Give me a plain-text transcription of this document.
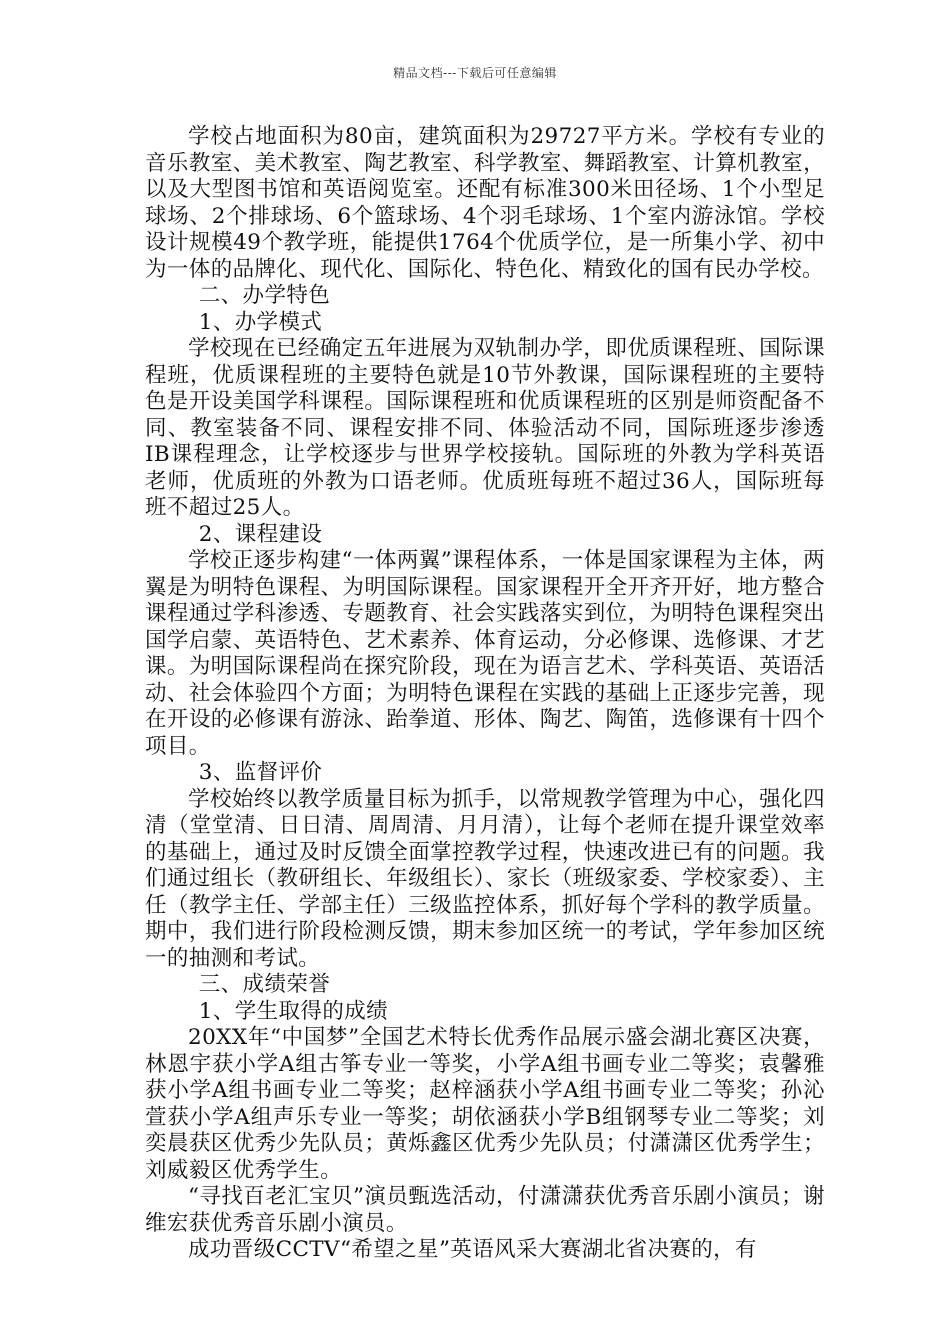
精品文档---下载后可任意编辑

学校占地面积为80亩，建筑面积为29727平方米。学校有专业的音乐教室、美术教室、陶艺教室、科学教室、舞蹈教室、计算机教室，以及大型图书馆和英语阅览室。还配有标准300米田径场、1个小型足球场、2个排球场、6个篮球场、4个羽毛球场、1个室内游泳馆。学校设计规模49个教学班，能提供1764个优质学位，是一所集小学、初中为一体的品牌化、现代化、国际化、特色化、精致化的国有民办学校。

二、办学特色

1、办学模式

学校现在已经确定五年进展为双轨制办学，即优质课程班、国际课程班，优质课程班的主要特色就是10节外教课，国际课程班的主要特色是开设美国学科课程。国际课程班和优质课程班的区别是师资配备不同、教室装备不同、课程安排不同、体验活动不同，国际班逐步渗透IB课程理念，让学校逐步与世界学校接轨。国际班的外教为学科英语老师，优质班的外教为口语老师。优质班每班不超过36人，国际班每班不超过25人。

2、课程建设

学校正逐步构建“一体两翼”课程体系，一体是国家课程为主体，两翼是为明特色课程、为明国际课程。国家课程开全开齐开好，地方整合课程通过学科渗透、专题教育、社会实践落实到位，为明特色课程突出国学启蒙、英语特色、艺术素养、体育运动，分必修课、选修课、才艺课。为明国际课程尚在探究阶段，现在为语言艺术、学科英语、英语活动、社会体验四个方面；为明特色课程在实践的基础上正逐步完善，现在开设的必修课有游泳、跆拳道、形体、陶艺、陶笛，选修课有十四个项目。

3、监督评价

学校始终以教学质量目标为抓手，以常规教学管理为中心，强化四清（堂堂清、日日清、周周清、月月清），让每个老师在提升课堂效率的基础上，通过及时反馈全面掌控教学过程，快速改进已有的问题。我们通过组长（教研组长、年级组长）、家长（班级家委、学校家委）、主任（教学主任、学部主任）三级监控体系，抓好每个学科的教学质量。期中，我们进行阶段检测反馈，期末参加区统一的考试，学年参加区统一的抽测和考试。

三、成绩荣誉

1、学生取得的成绩

20XX年“中国梦”全国艺术特长优秀作品展示盛会湖北赛区决赛，林恩宇获小学A组古筝专业一等奖，小学A组书画专业二等奖；袁馨雅获小学A组书画专业二等奖；赵梓涵获小学A组书画专业二等奖；孙沁萱获小学A组声乐专业一等奖；胡依涵获小学B组钢琴专业二等奖；刘奕晨获区优秀少先队员；黄烁鑫区优秀少先队员；付潇潇区优秀学生；刘威毅区优秀学生。

“寻找百老汇宝贝”演员甄选活动，付潇潇获优秀音乐剧小演员；谢维宏获优秀音乐剧小演员。

成功晋级CCTV“希望之星”英语风采大赛湖北省决赛的，有
